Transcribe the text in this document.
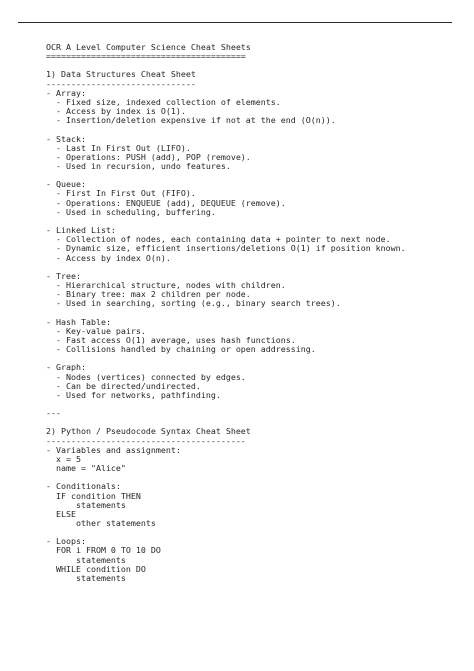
OCR A Level Computer Science Cheat Sheets
========================================
1) Data Structures Cheat Sheet
------------------------------
- Array:
- Fixed size, indexed collection of elements.
- Access by index is O(1).
- Insertion/deletion expensive if not at the end (O(n)).
- Stack:
- Last In First Out (LIFO).
- Operations: PUSH (add), POP (remove).
- Used in recursion, undo features.
- Queue:
- First In First Out (FIFO).
- Operations: ENQUEUE (add), DEQUEUE (remove).
- Used in scheduling, buffering.
- Linked List:
- Collection of nodes, each containing data + pointer to next node.
- Dynamic size, efficient insertions/deletions O(1) if position known.
- Access by index O(n).
- Tree:
- Hierarchical structure, nodes with children.
- Binary tree: max 2 children per node.
- Used in searching, sorting (e.g., binary search trees).
- Hash Table:
- Key-value pairs.
- Fast access O(1) average, uses hash functions.
- Collisions handled by chaining or open addressing.
- Graph:
- Nodes (vertices) connected by edges.
- Can be directed/undirected.
- Used for networks, pathfinding.
---
2) Python / Pseudocode Syntax Cheat Sheet
----------------------------------------
- Variables and assignment:
x = 5
name = "Alice"
- Conditionals:
IF condition THEN
statements
ELSE
other statements
- Loops:
FOR i FROM 0 TO 10 DO
statements
WHILE condition DO
statements
